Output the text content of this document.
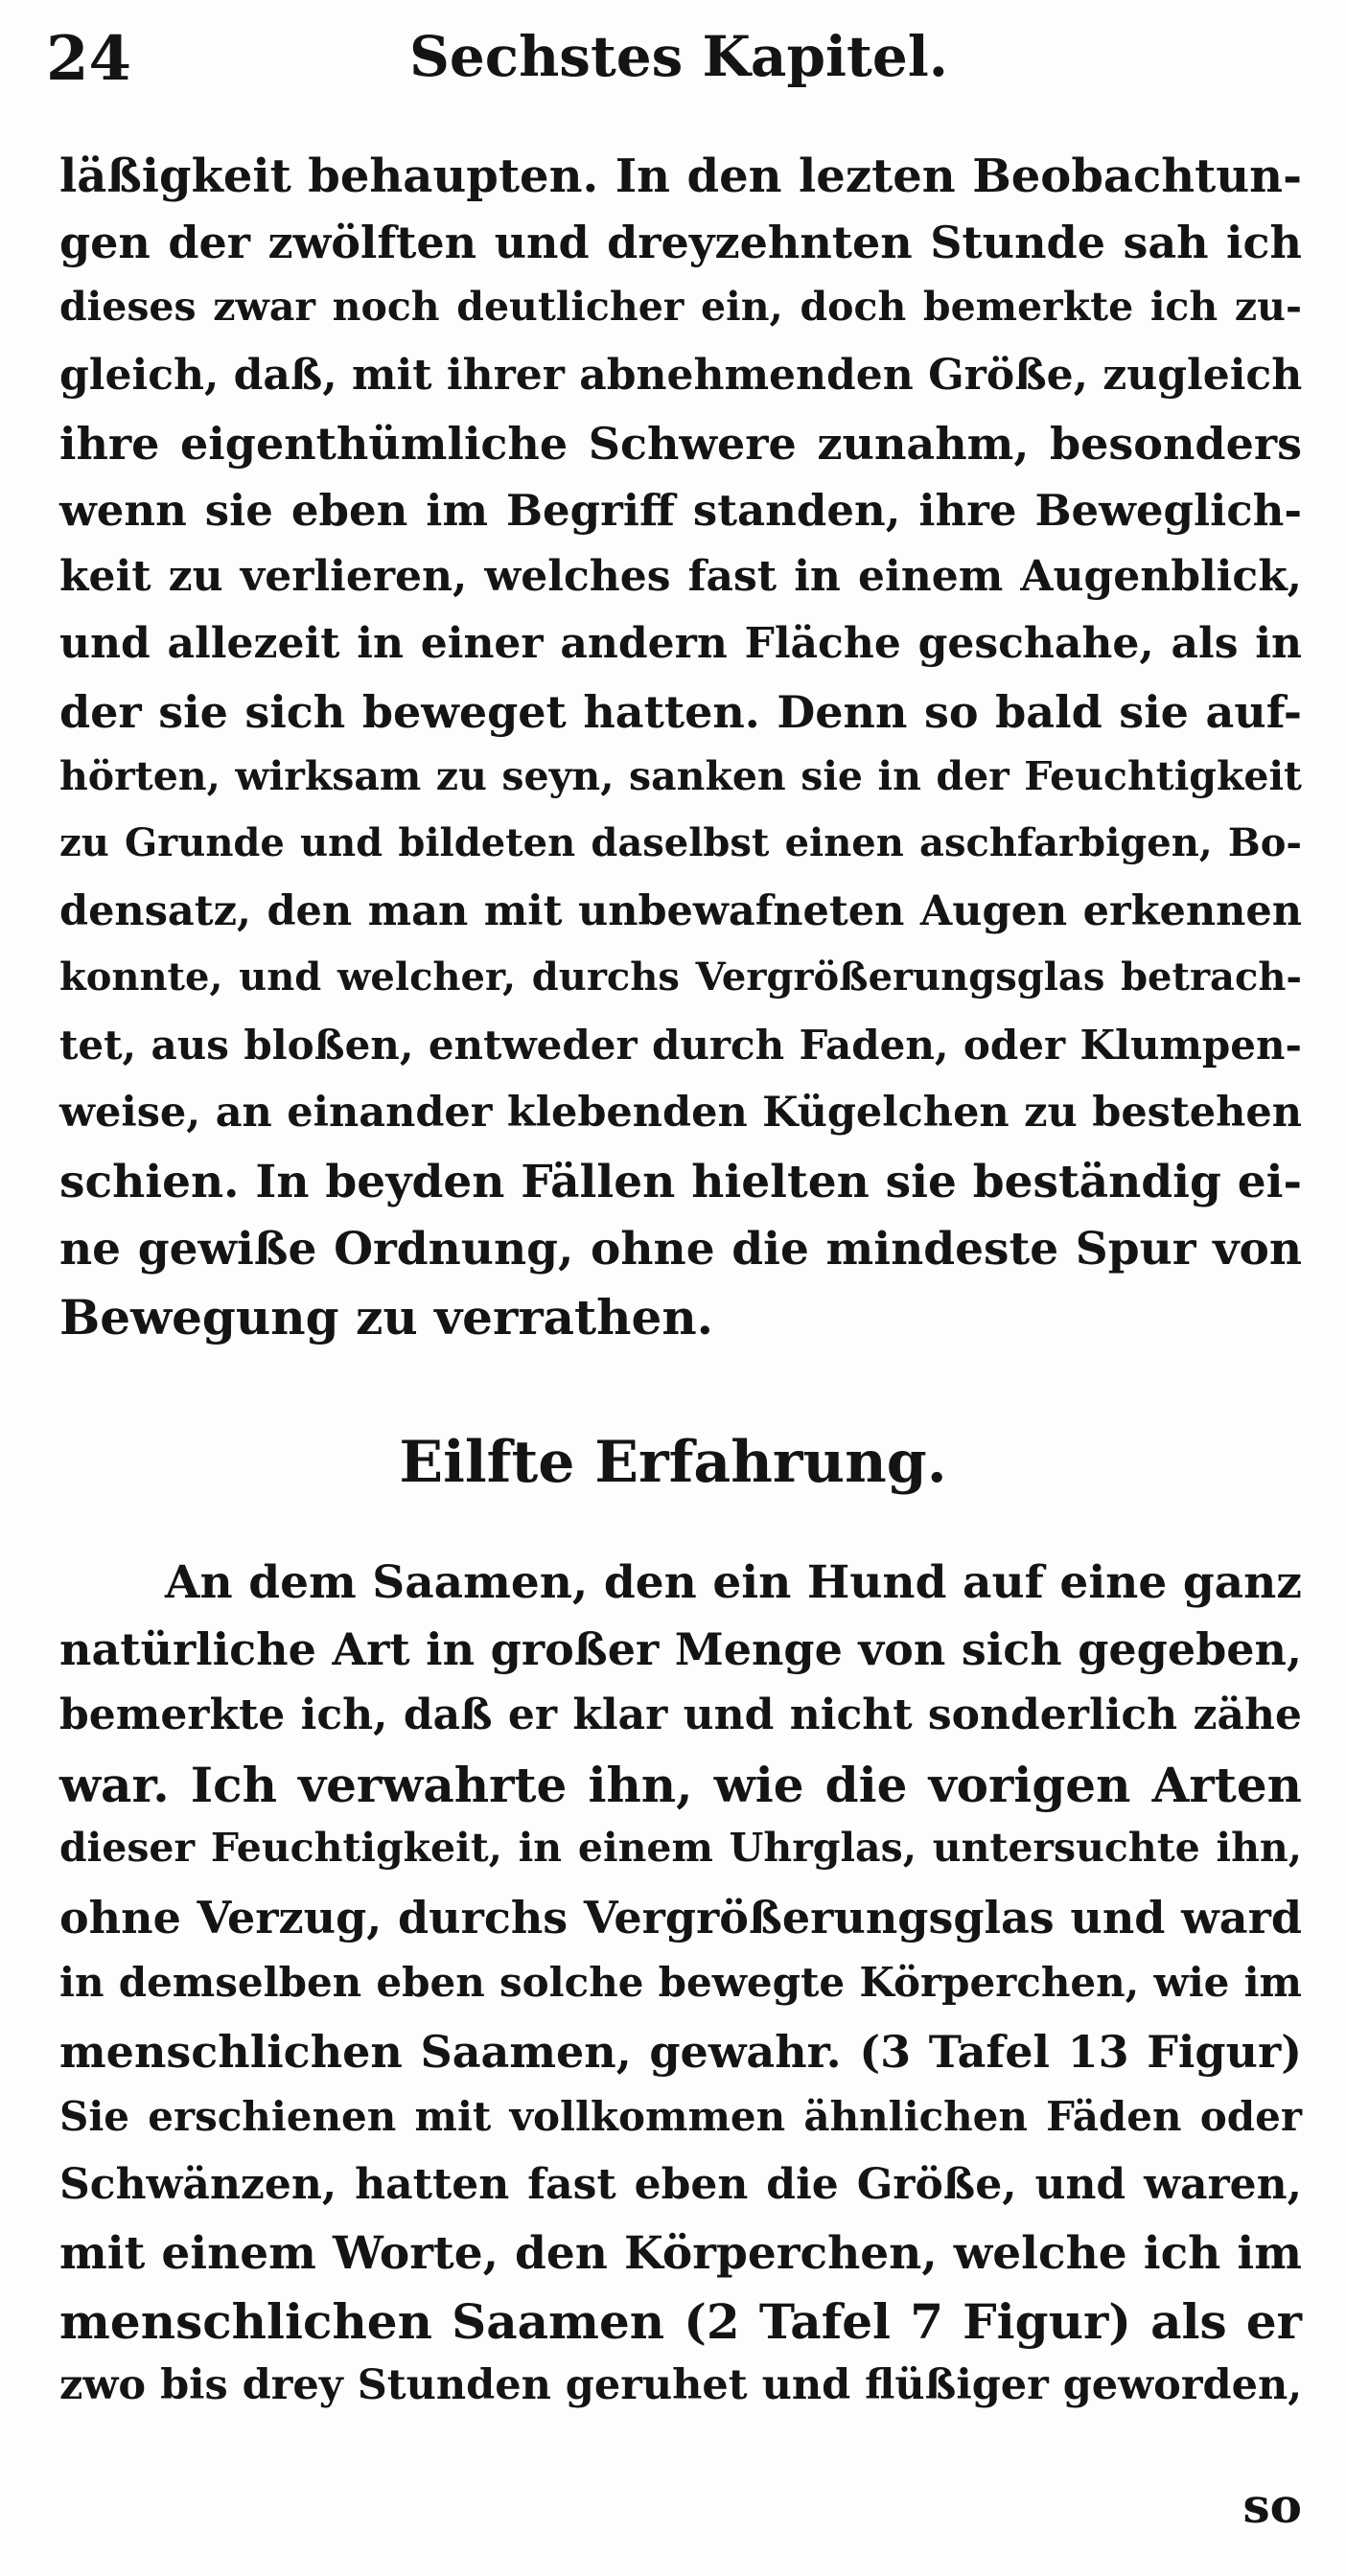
24	Sechstes Kapitel.
läßigkeit behaupten. In den lezten Beobachtun-
gen der zwölften und dreyzehnten Stunde sah ich
dieses zwar noch deutlicher ein, doch bemerkte ich zu-
gleich, daß, mit ihrer abnehmenden Größe, zugleich
ihre eigenthümliche Schwere zunahm, besonders
wenn sie eben im Begriff standen, ihre Beweglich-
keit zu verlieren, welches fast in einem Augenblick,
und allezeit in einer andern Fläche geschahe, als in
der sie sich beweget hatten. Denn so bald sie auf-
hörten, wirksam zu seyn, sanken sie in der Feuchtigkeit
zu Grunde und bildeten daselbst einen aschfarbigen, Bo-
densatz, den man mit unbewafneten Augen erkennen
konnte, und welcher, durchs Vergrößerungsglas betrach-
tet, aus bloßen, entweder durch Faden, oder Klumpen-
weise, an einander klebenden Kügelchen zu bestehen
schien. In beyden Fällen hielten sie beständig ei-
ne gewiße Ordnung, ohne die mindeste Spur von
Bewegung zu verrathen.
Eilfte Erfahrung.
An dem Saamen, den ein Hund auf eine ganz
natürliche Art in großer Menge von sich gegeben,
bemerkte ich, daß er klar und nicht sonderlich zähe
war. Ich verwahrte ihn, wie die vorigen Arten
dieser Feuchtigkeit, in einem Uhrglas, untersuchte ihn,
ohne Verzug, durchs Vergrößerungsglas und ward
in demselben eben solche bewegte Körperchen, wie im
menschlichen Saamen, gewahr. (3 Tafel 13 Figur)
Sie erschienen mit vollkommen ähnlichen Fäden oder
Schwänzen, hatten fast eben die Größe, und waren,
mit einem Worte, den Körperchen, welche ich im
menschlichen Saamen (2 Tafel 7 Figur) als er
zwo bis drey Stunden geruhet und flüßiger geworden,
so
